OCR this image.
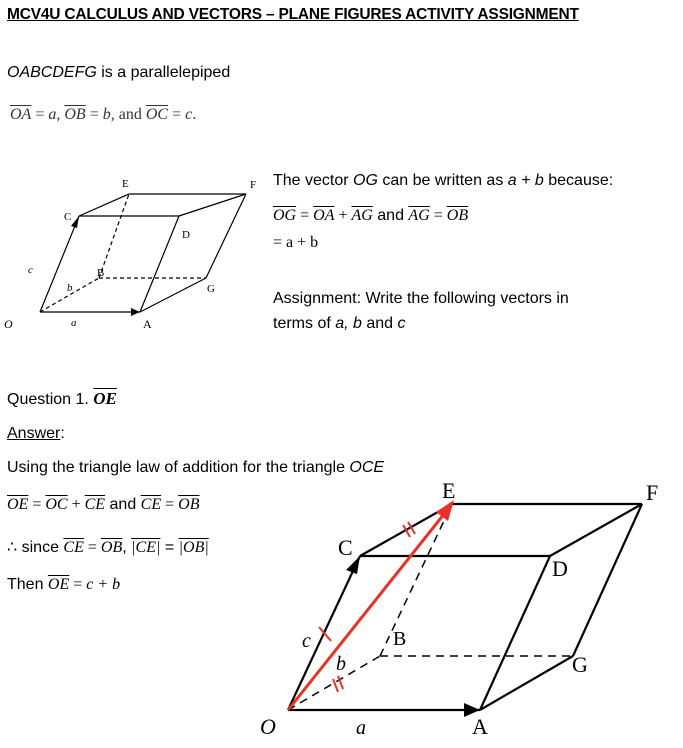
MCV4U CALCULUS AND VECTORS – PLANE FIGURES ACTIVITY ASSIGNMENT
OABCDEFG is a parallelepiped
$\overline{OA} = a$, $\overline{OB} = b$, and $\overline{OC} = c$.
O	A
B
C
D
E	F
G
a
b
c
The vector OG can be written as a + b because:
$\overline{OG} = \overline{OA} + \overline{AG}$ and $\overline{AG} = \overline{OB}$
= a + b
Assignment: Write the following vectors in
terms of a, b and c
Question 1. $\overline{OE}$
Answer:
Using the triangle law of addition for the triangle OCE
$\overline{OE} = \overline{OC} + \overline{CE}$ and $\overline{CE} = \overline{OB}$
∴ since $\overline{CE} = \overline{OB}$, |CE| = |OB|
Then $\overline{OE} = c + b$
O	A
B
C
D
E	F
G
a
b
c
